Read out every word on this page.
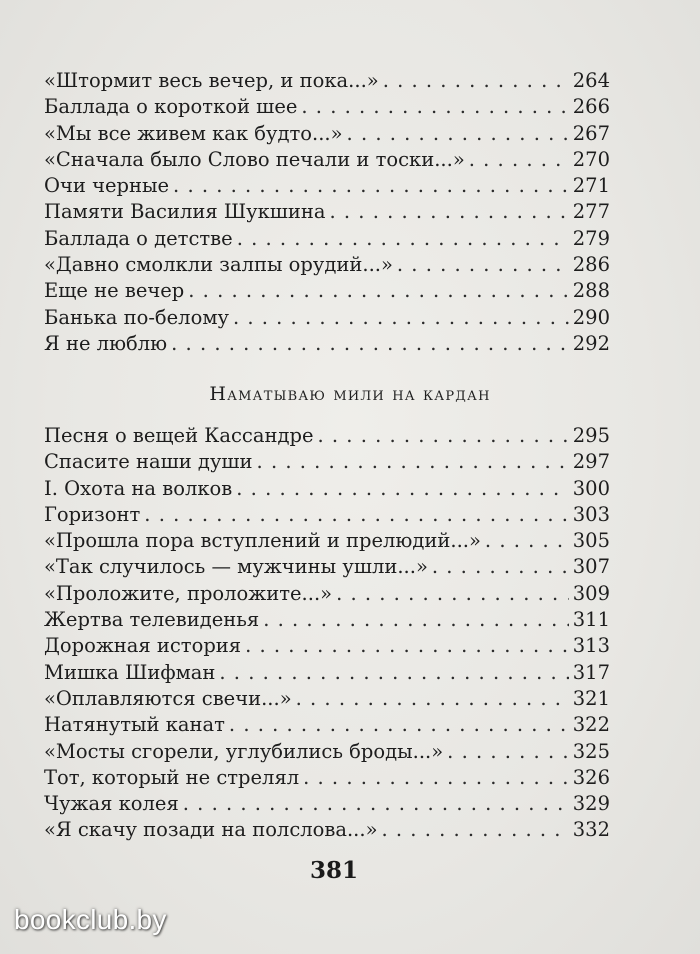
«Штормит весь вечер, и пока...» . . .	264
Баллада о короткой шее . . .	266
«Мы все живем как будто...» . . .	267
«Сначала было Слово печали и тоски...» . . .	270
Очи черные . . .	271
Памяти Василия Шукшина . . .	277
Баллада о детстве . . .	279
«Давно смолкли залпы орудий...» . . .	286
Еще не вечер . . .	288
Банька по-белому . . .	290
Я не люблю . . .	292
Наматываю мили на кардан
Песня о вещей Кассандре . . .	295
Спасите наши души . . .	297
I. Охота на волков . . .	300
Горизонт . . .	303
«Прошла пора вступлений и прелюдий...» . . .	305
«Так случилось — мужчины ушли...» . . .	307
«Проложите, проложите...» . . .	309
Жертва телевиденья . . .	311
Дорожная история . . .	313
Мишка Шифман . . .	317
«Оплавляются свечи...» . . .	321
Натянутый канат . . .	322
«Мосты сгорели, углубились броды...» . . .	325
Тот, который не стрелял . . .	326
Чужая колея . . .	329
«Я скачу позади на полслова...» . . .	332
381
bookclub.by
